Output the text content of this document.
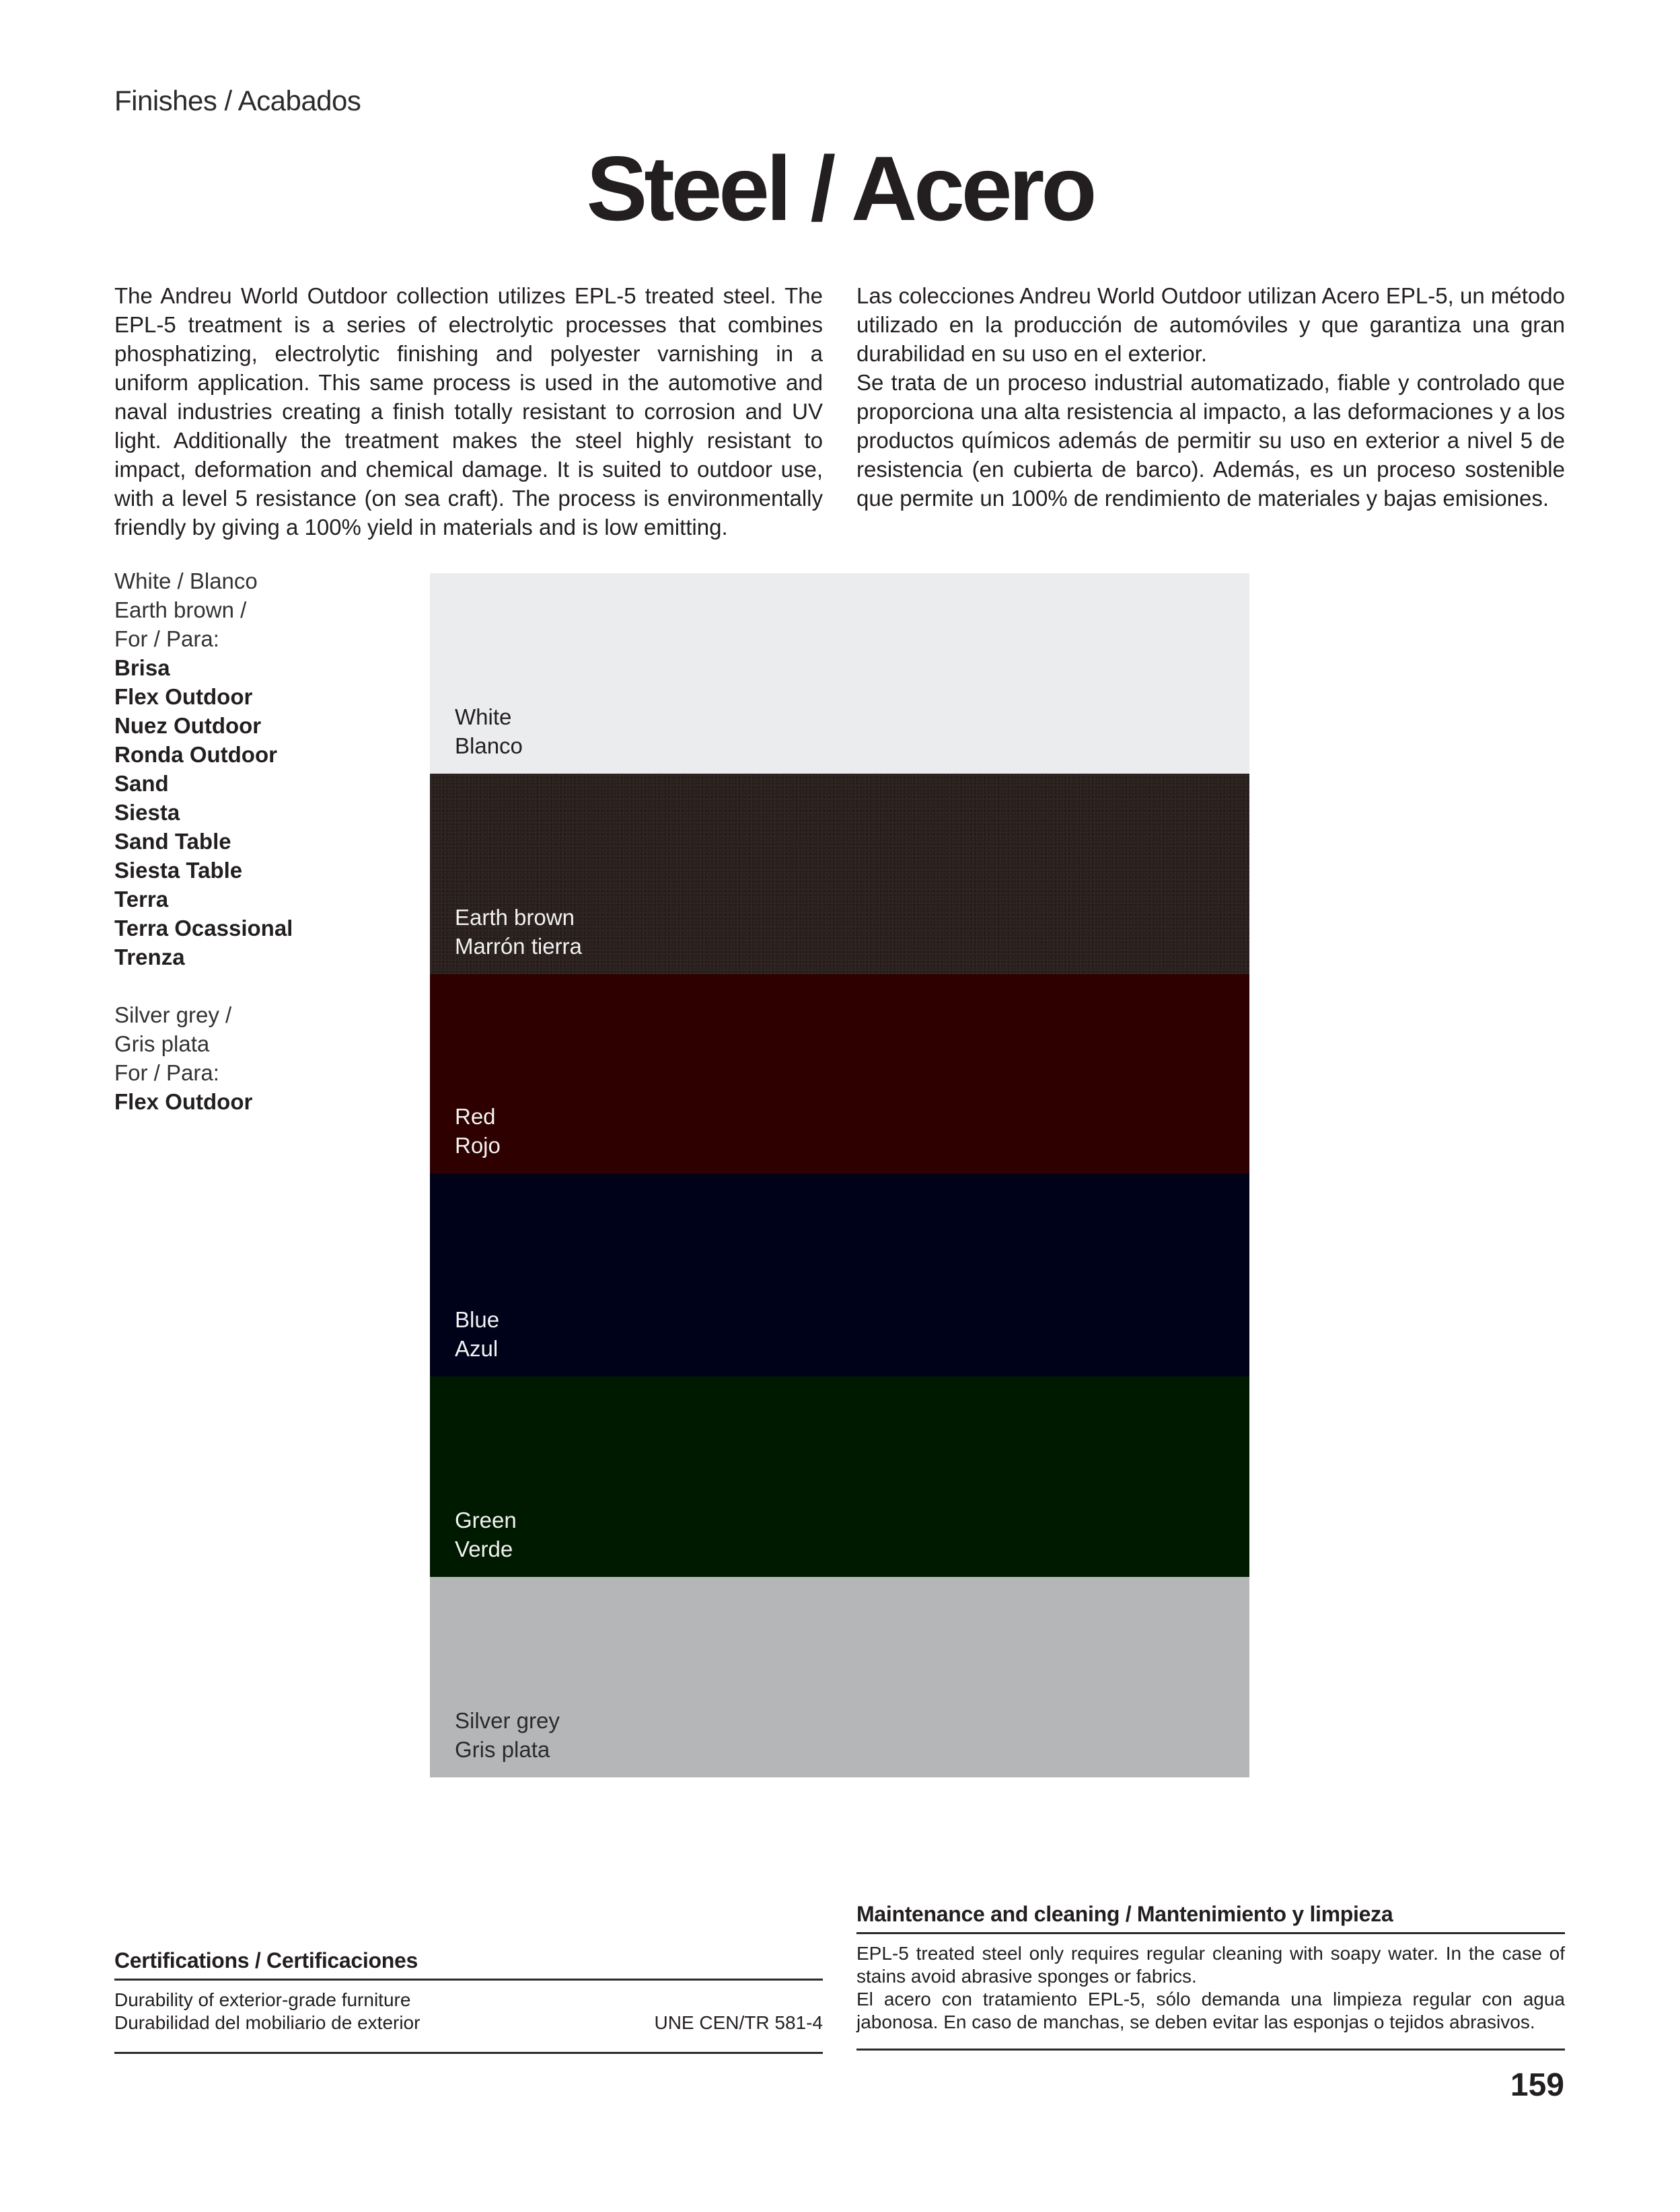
Finishes / Acabados
Steel / Acero

The Andreu World Outdoor collection utilizes EPL-5 treated steel. The EPL-5 treatment is a series of electrolytic processes that combines phosphatizing, electrolytic finishing and polyester varnishing in a uniform application. This same process is used in the automotive and naval industries creating a finish totally resistant to corrosion and UV light. Additionally the treatment makes the steel highly resistant to impact, deformation and chemical damage. It is suited to outdoor use, with a level 5 resistance (on sea craft). The process is environmentally friendly by giving a 100% yield in materials and is low emitting.

Las colecciones Andreu World Outdoor utilizan Acero EPL-5, un método utilizado en la producción de automóviles y que garantiza una gran durabilidad en su uso en el exterior.

Se trata de un proceso industrial automatizado, fiable y controlado que proporciona una alta resistencia al impacto, a las deformaciones y a los productos químicos además de permitir su uso en exterior a nivel 5 de resistencia (en cubierta de barco). Además, es un proceso sostenible que permite un 100% de rendimiento de materiales y bajas emisiones.

White / Blanco
Earth brown /
For / Para:
Brisa
Flex Outdoor
Nuez Outdoor
Ronda Outdoor
Sand
Siesta
Sand Table
Siesta Table
Terra
Terra Ocassional
Trenza
Silver grey /
Gris plata
For / Para:
Flex Outdoor
White
Blanco
Earth brown
Marrón tierra
Red
Rojo
Blue
Azul
Green
Verde
Silver grey
Gris plata
Certifications / Certificaciones
Durability of exterior-grade furniture
Durabilidad del mobiliario de exterior	UNE CEN/TR 581-4
Maintenance and cleaning / Mantenimiento y limpieza

EPL-5 treated steel only requires regular cleaning with soapy water. In the case of stains avoid abrasive sponges or fabrics.

El acero con tratamiento EPL-5, sólo demanda una limpieza regular con agua jabonosa. En caso de manchas, se deben evitar las esponjas o tejidos abrasivos.

159
